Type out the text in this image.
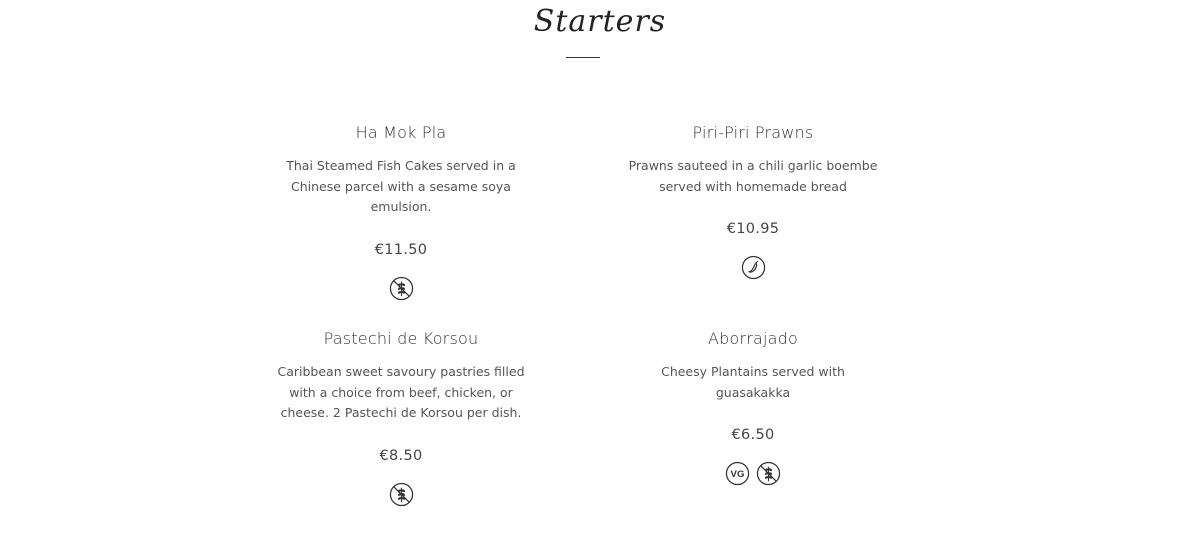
Starters
Ha Mok Pla
Thai Steamed Fish Cakes served in a Chinese parcel with a sesame soya emulsion.
€11.50
Piri-Piri Prawns
Prawns sauteed in a chili garlic boembe served with homemade bread
€10.95
Pastechi de Korsou
Caribbean sweet savoury pastries filled with a choice from beef, chicken, or cheese. 2 Pastechi de Korsou per dish.
€8.50
Aborrajado
Cheesy Plantains served with guasakakka
€6.50
VG
